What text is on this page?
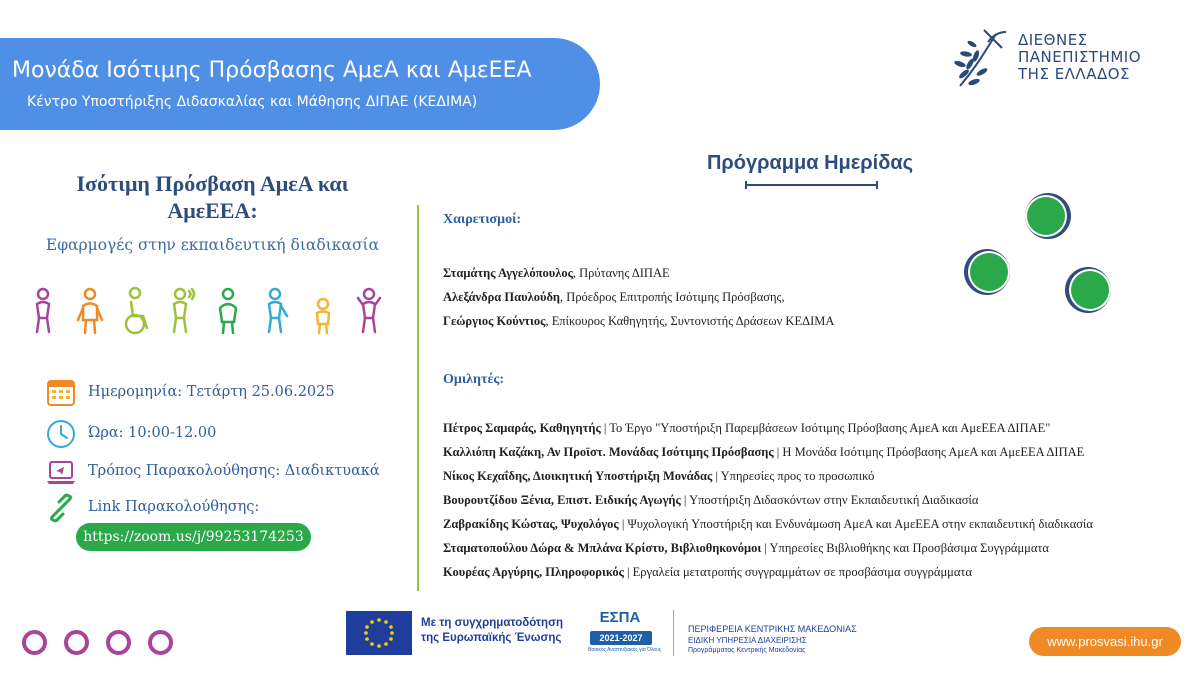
Μονάδα Ισότιμης Πρόσβασης ΑμεΑ και ΑμεΕΕΑ
Κέντρο Υποστήριξης Διδασκαλίας και Μάθησης ΔΙΠΑΕ (ΚΕΔΙΜΑ)
ΔΙΕΘΝΕΣ
ΠΑΝΕΠΙΣΤΗΜΙΟ
ΤΗΣ ΕΛΛΑΔΟΣ
Ισότιμη Πρόσβαση ΑμεΑ και
ΑμεΕΕΑ:
Εφαρμογές στην εκπαιδευτική διαδικασία
Ημερομηνία: Τετάρτη 25.06.2025
Ώρα: 10:00-12.00
Τρόπος Παρακολούθησης: Διαδικτυακά
Link Παρακολούθησης:
https://zoom.us/j/99253174253
Πρόγραμμα Ημερίδας
Χαιρετισμοί:
Σταμάτης Αγγελόπουλος, Πρύτανης ΔΙΠΑΕ
Αλεξάνδρα Παυλούδη, Πρόεδρος Επιτροπής Ισότιμης Πρόσβασης,
Γεώργιος Κούντιος, Επίκουρος Καθηγητής, Συντονιστής Δράσεων ΚΕΔΙΜΑ
Ομιλητές:
Πέτρος Σαμαράς, Καθηγητής | Το Έργο "Υποστήριξη Παρεμβάσεων Ισότιμης Πρόσβασης ΑμεΑ και ΑμεΕΕΑ ΔΙΠΑΕ"
Καλλιόπη Καζάκη, Αν Προϊστ. Μονάδας Ισότιμης Πρόσβασης | Η Μονάδα Ισότιμης Πρόσβασης ΑμεΑ και ΑμεΕΕΑ ΔΙΠΑΕ
Νίκος Κεχαΐδης, Διοικητική Υποστήριξη Μονάδας | Υπηρεσίες προς το προσωπικό
Βουρουτζίδου Ξένια, Επιστ. Ειδικής Αγωγής | Υποστήριξη Διδασκόντων στην Εκπαιδευτική Διαδικασία
Ζαβρακίδης Κώστας, Ψυχολόγος | Ψυχολογική Υποστήριξη και Ενδυνάμωση ΑμεΑ και ΑμεΕΕΑ στην εκπαιδευτική διαδικασία
Σταματοπούλου Δώρα & Μπλάνα Κρίστυ, Βιβλιοθηκονόμοι | Υπηρεσίες Βιβλιοθήκης και Προσβάσιμα Συγγράμματα
Κουρέας Αργύρης, Πληροφορικός | Εργαλεία μετατροπής συγγραμμάτων σε προσβάσιμα συγγράμματα
Με τη συγχρηματοδότηση
της Ευρωπαϊκής Ένωσης
ΕΣΠΑ
2021-2027
Βασικός Αναπτυξιακός για Όλους
ΠΕΡΙΦΕΡΕΙΑ ΚΕΝΤΡΙΚΗΣ ΜΑΚΕΔΟΝΙΑΣ
ΕΙΔΙΚΗ ΥΠΗΡΕΣΙΑ ΔΙΑΧΕΙΡΙΣΗΣ
Προγράμματος Κεντρικής Μακεδονίας
www.prosvasi.ihu.gr
